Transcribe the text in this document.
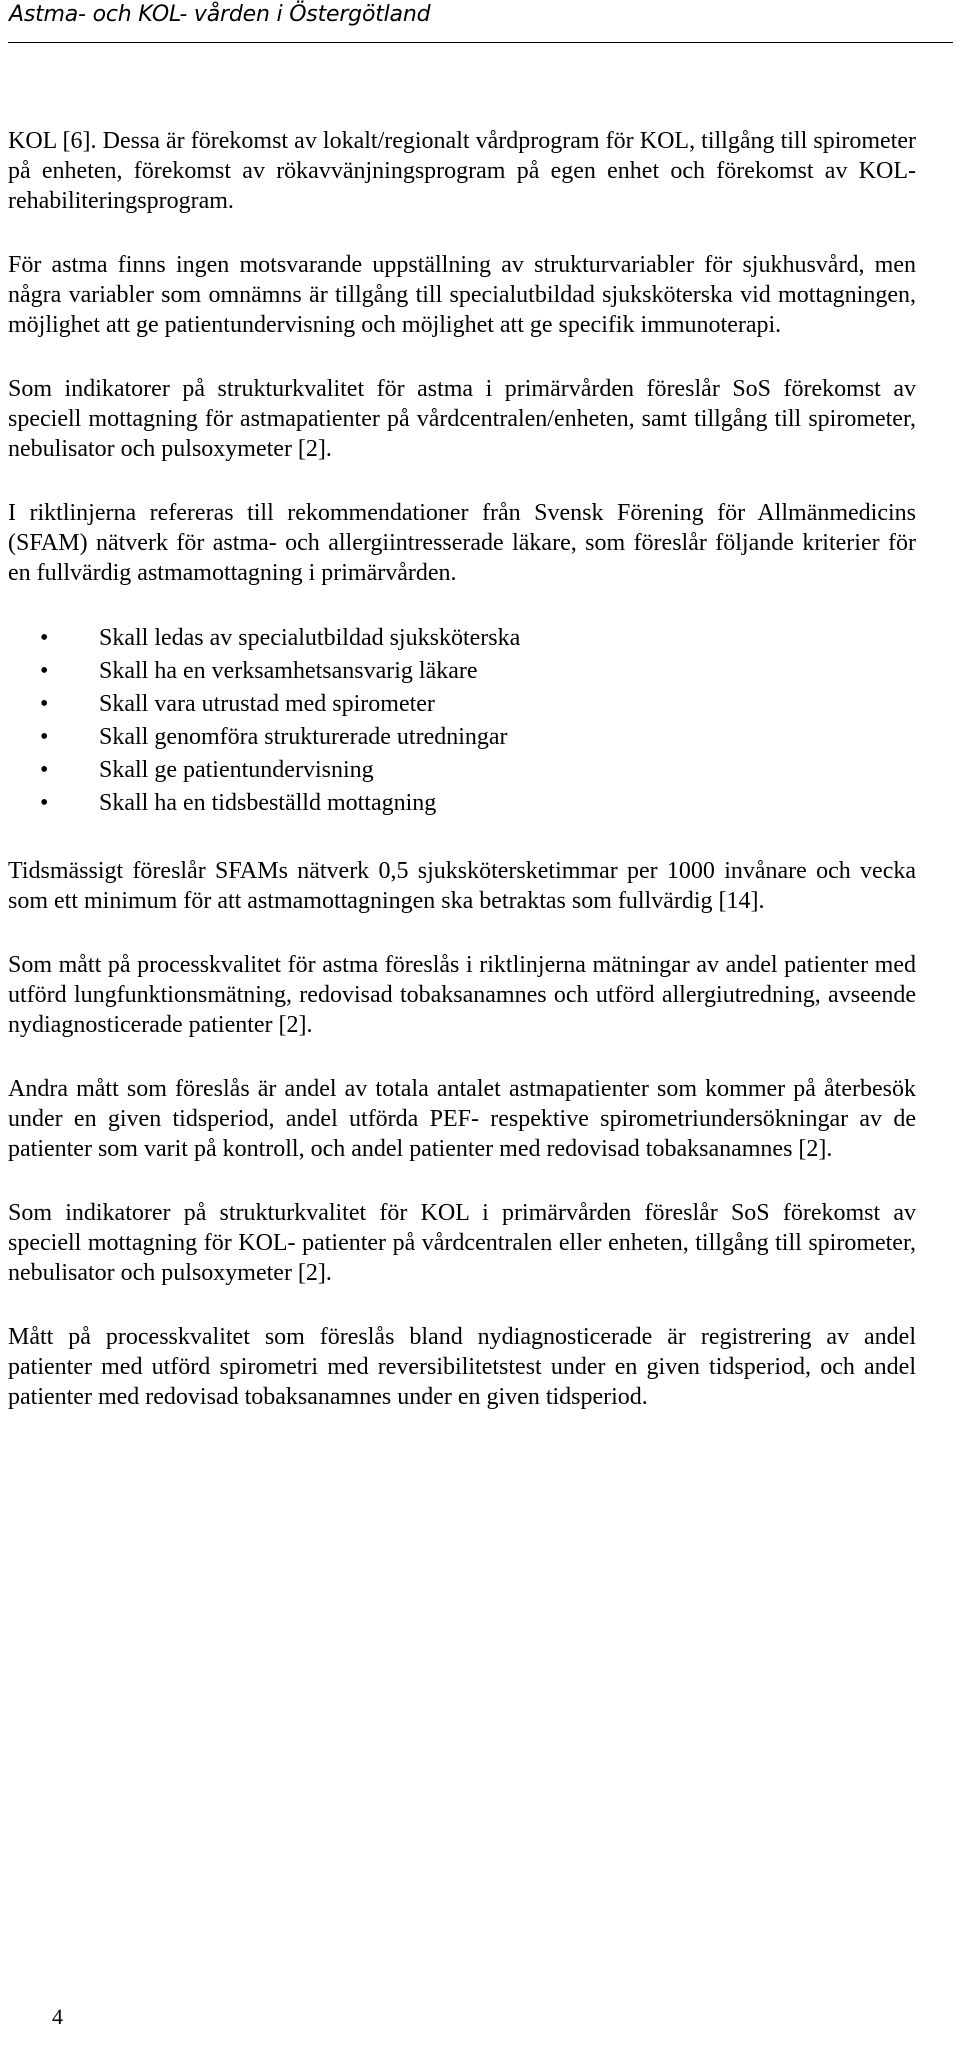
Astma- och KOL- vården i Östergötland

KOL [6]. Dessa är förekomst av lokalt/regionalt vårdprogram för KOL, tillgång till spirometer på enheten, förekomst av rökavvänjningsprogram på egen enhet och förekomst av KOL- rehabiliteringsprogram.

För astma finns ingen motsvarande uppställning av strukturvariabler för sjukhusvård, men några variabler som omnämns är tillgång till specialutbildad sjuksköterska vid mottagningen, möjlighet att ge patientundervisning och möjlighet att ge specifik immunoterapi.

Som indikatorer på strukturkvalitet för astma i primärvården föreslår SoS förekomst av speciell mottagning för astmapatienter på vårdcentralen/enheten, samt tillgång till spirometer, nebulisator och pulsoxymeter [2].

I riktlinjerna refereras till rekommendationer från Svensk Förening för Allmänmedicins (SFAM) nätverk för astma- och allergiintresserade läkare, som föreslår följande kriterier för en fullvärdig astmamottagning i primärvården.

• Skall ledas av specialutbildad sjuksköterska
• Skall ha en verksamhetsansvarig läkare
• Skall vara utrustad med spirometer
• Skall genomföra strukturerade utredningar
• Skall ge patientundervisning
• Skall ha en tidsbeställd mottagning

Tidsmässigt föreslår SFAMs nätverk 0,5 sjukskötersketimmar per 1000 invånare och vecka som ett minimum för att astmamottagningen ska betraktas som fullvärdig [14].

Som mått på processkvalitet för astma föreslås i riktlinjerna mätningar av andel patienter med utförd lungfunktionsmätning, redovisad tobaksanamnes och utförd allergiutredning, avseende nydiagnosticerade patienter [2].

Andra mått som föreslås är andel av totala antalet astmapatienter som kommer på återbesök under en given tidsperiod, andel utförda PEF- respektive spirometriundersökningar av de patienter som varit på kontroll, och andel patienter med redovisad tobaksanamnes [2].

Som indikatorer på strukturkvalitet för KOL i primärvården föreslår SoS förekomst av speciell mottagning för KOL- patienter på vårdcentralen eller enheten, tillgång till spirometer, nebulisator och pulsoxymeter [2].

Mått på processkvalitet som föreslås bland nydiagnosticerade är registrering av andel patienter med utförd spirometri med reversibilitetstest under en given tidsperiod, och andel patienter med redovisad tobaksanamnes under en given tidsperiod.

4
